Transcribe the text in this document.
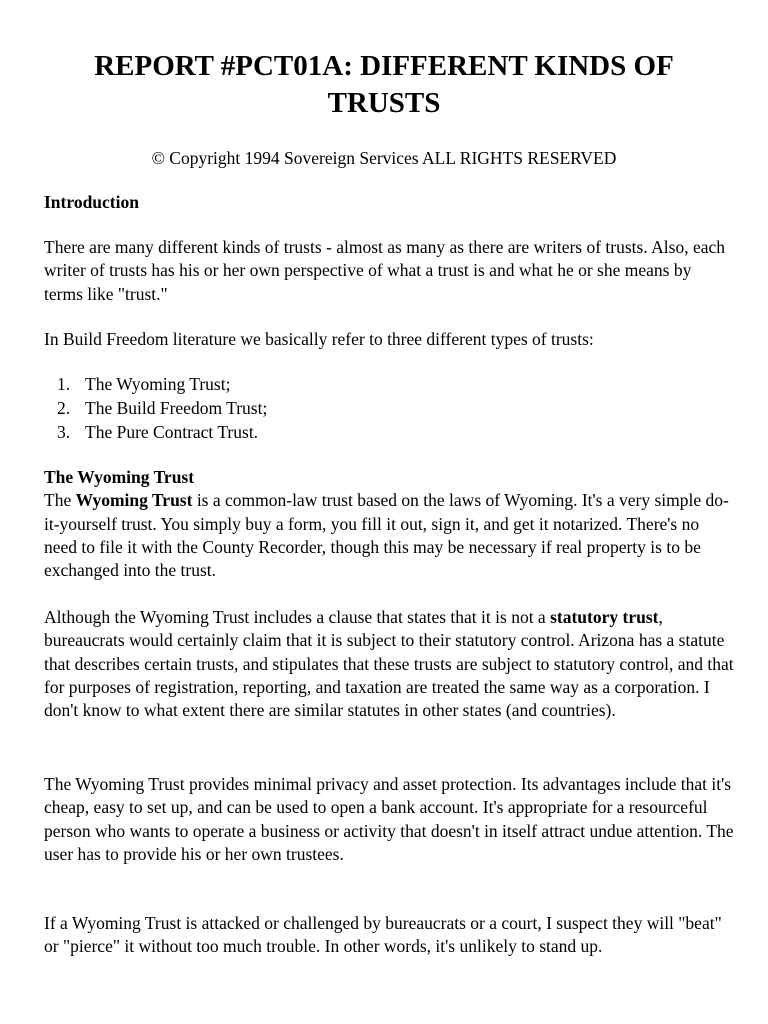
REPORT #PCT01A: DIFFERENT KINDS OF TRUSTS

© Copyright 1994 Sovereign Services ALL RIGHTS RESERVED

Introduction

There are many different kinds of trusts - almost as many as there are writers of trusts. Also, each writer of trusts has his or her own perspective of what a trust is and what he or she means by terms like "trust."

In Build Freedom literature we basically refer to three different types of trusts:

1. The Wyoming Trust;
2. The Build Freedom Trust;
3. The Pure Contract Trust.
The Wyoming Trust
The Wyoming Trust is a common-law trust based on the laws of Wyoming. It's a very simple do-it-yourself trust. You simply buy a form, you fill it out, sign it, and get it notarized. There's no need to file it with the County Recorder, though this may be necessary if real property is to be exchanged into the trust.

Although the Wyoming Trust includes a clause that states that it is not a statutory trust, bureaucrats would certainly claim that it is subject to their statutory control. Arizona has a statute that describes certain trusts, and stipulates that these trusts are subject to statutory control, and that for purposes of registration, reporting, and taxation are treated the same way as a corporation. I don't know to what extent there are similar statutes in other states (and countries).

The Wyoming Trust provides minimal privacy and asset protection. Its advantages include that it's cheap, easy to set up, and can be used to open a bank account. It's appropriate for a resourceful person who wants to operate a business or activity that doesn't in itself attract undue attention. The user has to provide his or her own trustees.

If a Wyoming Trust is attacked or challenged by bureaucrats or a court, I suspect they will "beat" or "pierce" it without too much trouble. In other words, it's unlikely to stand up.
